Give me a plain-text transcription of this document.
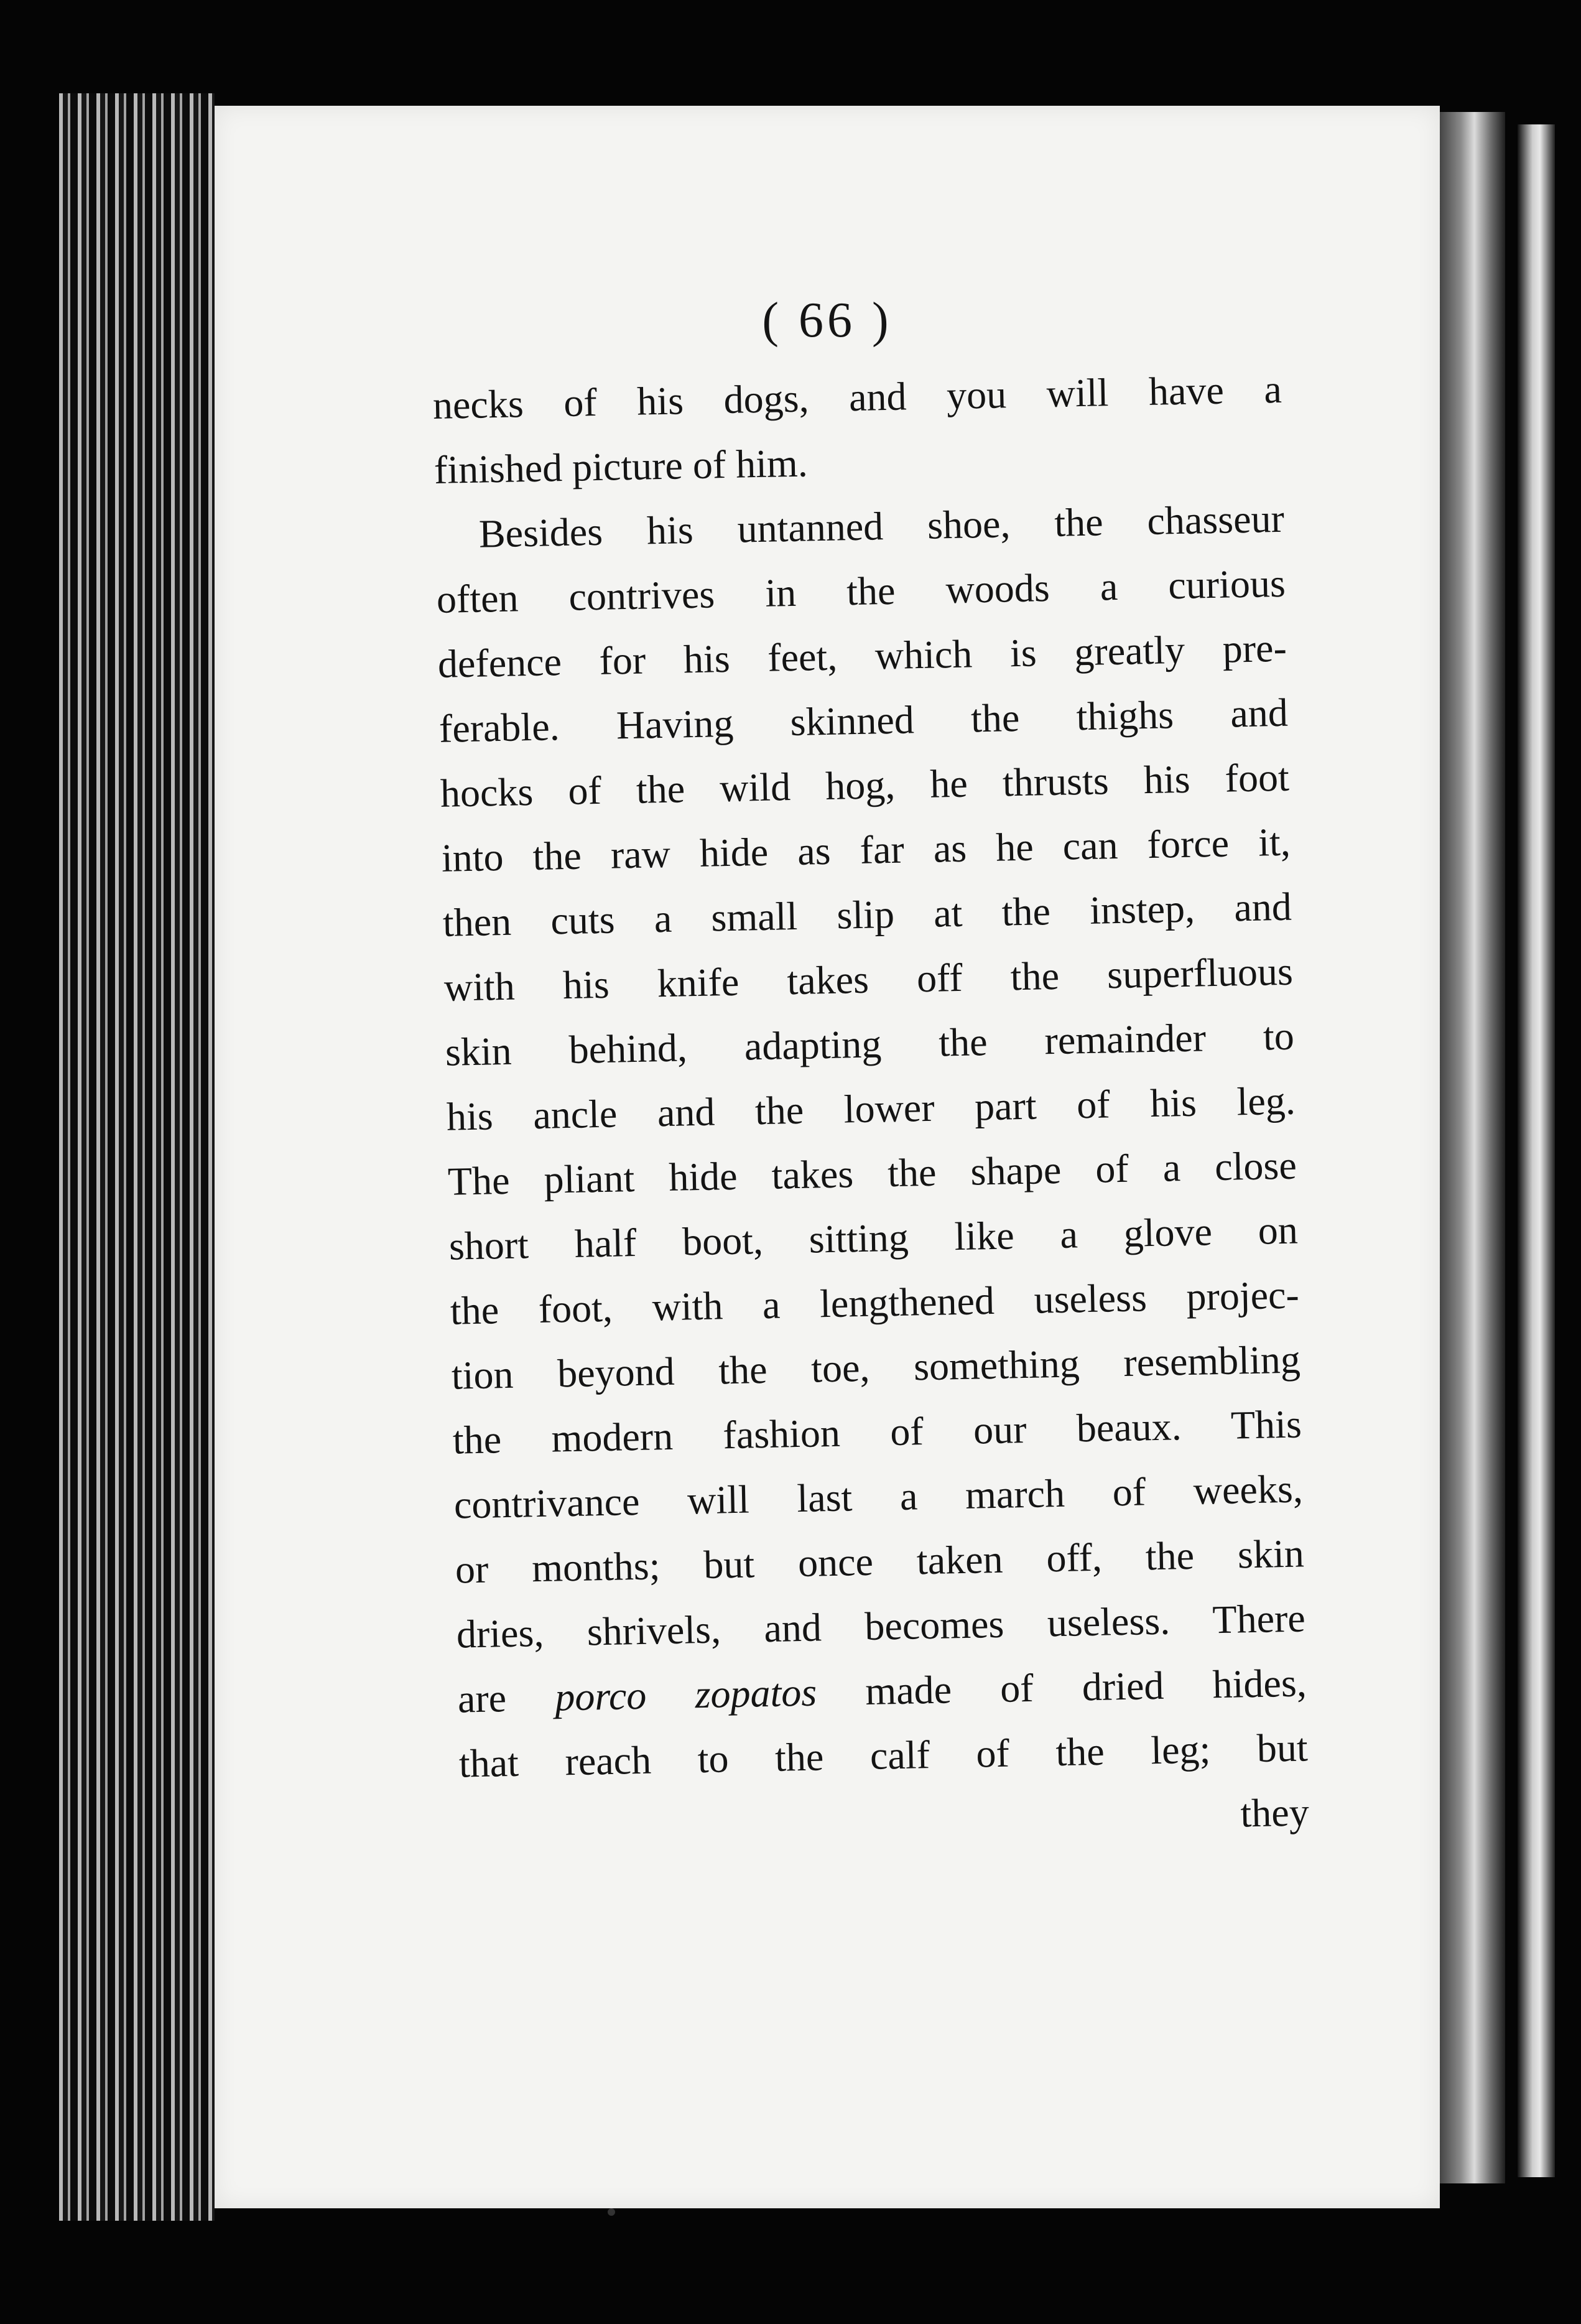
( 66 )
necks of his dogs, and you will have a
finished picture of him.
Besides his untanned shoe, the chasseur
often contrives in the woods a curious
defence for his feet, which is greatly pre-
ferable. Having skinned the thighs and
hocks of the wild hog, he thrusts his foot
into the raw hide as far as he can force it,
then cuts a small slip at the instep, and
with his knife takes off the superfluous
skin behind, adapting the remainder to
his ancle and the lower part of his leg.
The pliant hide takes the shape of a close
short half boot, sitting like a glove on
the foot, with a lengthened useless projec-
tion beyond the toe, something resembling
the modern fashion of our beaux. This
contrivance will last a march of weeks,
or months; but once taken off, the skin
dries, shrivels, and becomes useless. There
are porco zopatos made of dried hides,
that reach to the calf of the leg; but
they
